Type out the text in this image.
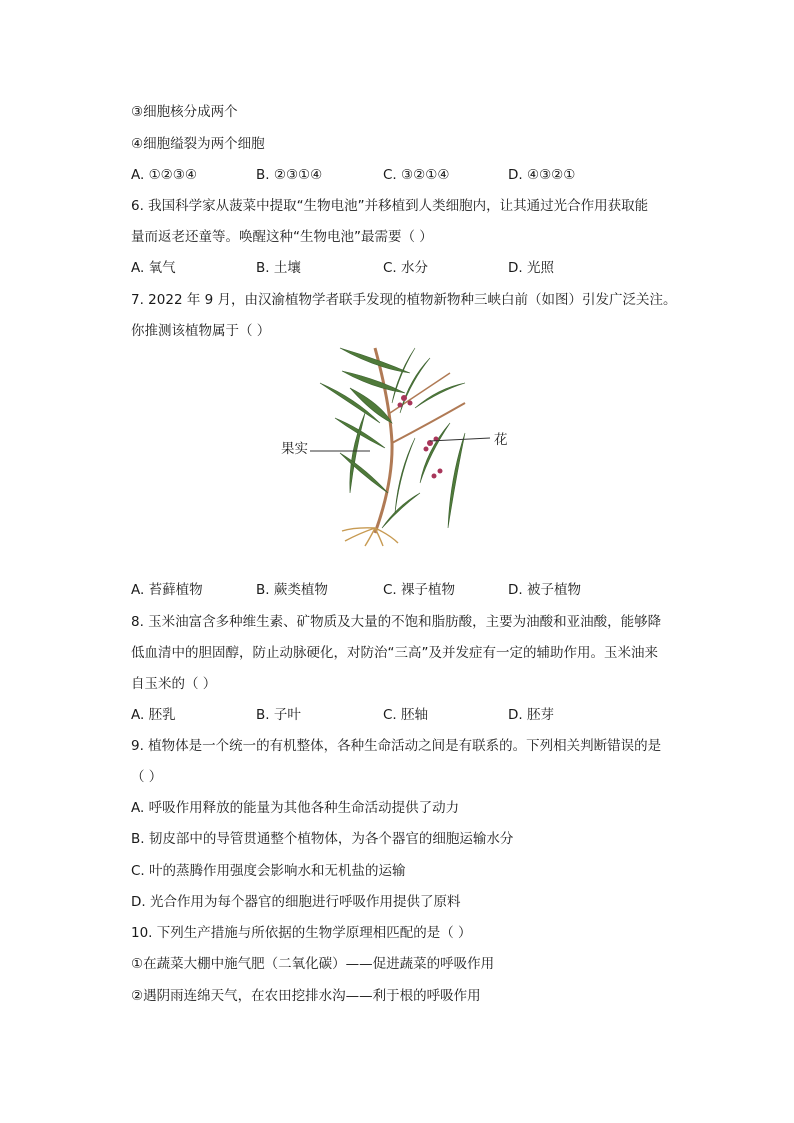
③细胞核分成两个
④细胞缢裂为两个细胞
A. ①②③④	B. ②③①④	C. ③②①④	D. ④③②①
6. 我国科学家从菠菜中提取“生物电池”并移植到人类细胞内，让其通过光合作用获取能
量而返老还童等。唤醒这种“生物电池”最需要（ ）
A. 氧气	B. 土壤	C. 水分	D. 光照
7. 2022 年 9 月，由汉渝植物学者联手发现的植物新物种三峡白前（如图）引发广泛关注。
你推测该植物属于（ ）
果实
花
A. 苔藓植物	B. 蕨类植物	C. 裸子植物	D. 被子植物
8. 玉米油富含多种维生素、矿物质及大量的不饱和脂肪酸，主要为油酸和亚油酸，能够降
低血清中的胆固醇，防止动脉硬化，对防治“三高”及并发症有一定的辅助作用。玉米油来
自玉米的（ ）
A. 胚乳	B. 子叶	C. 胚轴	D. 胚芽
9. 植物体是一个统一的有机整体，各种生命活动之间是有联系的。下列相关判断错误的是
（ ）
A. 呼吸作用释放的能量为其他各种生命活动提供了动力
B. 韧皮部中的导管贯通整个植物体，为各个器官的细胞运输水分
C. 叶的蒸腾作用强度会影响水和无机盐的运输
D. 光合作用为每个器官的细胞进行呼吸作用提供了原料
10. 下列生产措施与所依据的生物学原理相匹配的是（ ）
①在蔬菜大棚中施气肥（二氧化碳）——促进蔬菜的呼吸作用
②遇阴雨连绵天气，在农田挖排水沟——利于根的呼吸作用
